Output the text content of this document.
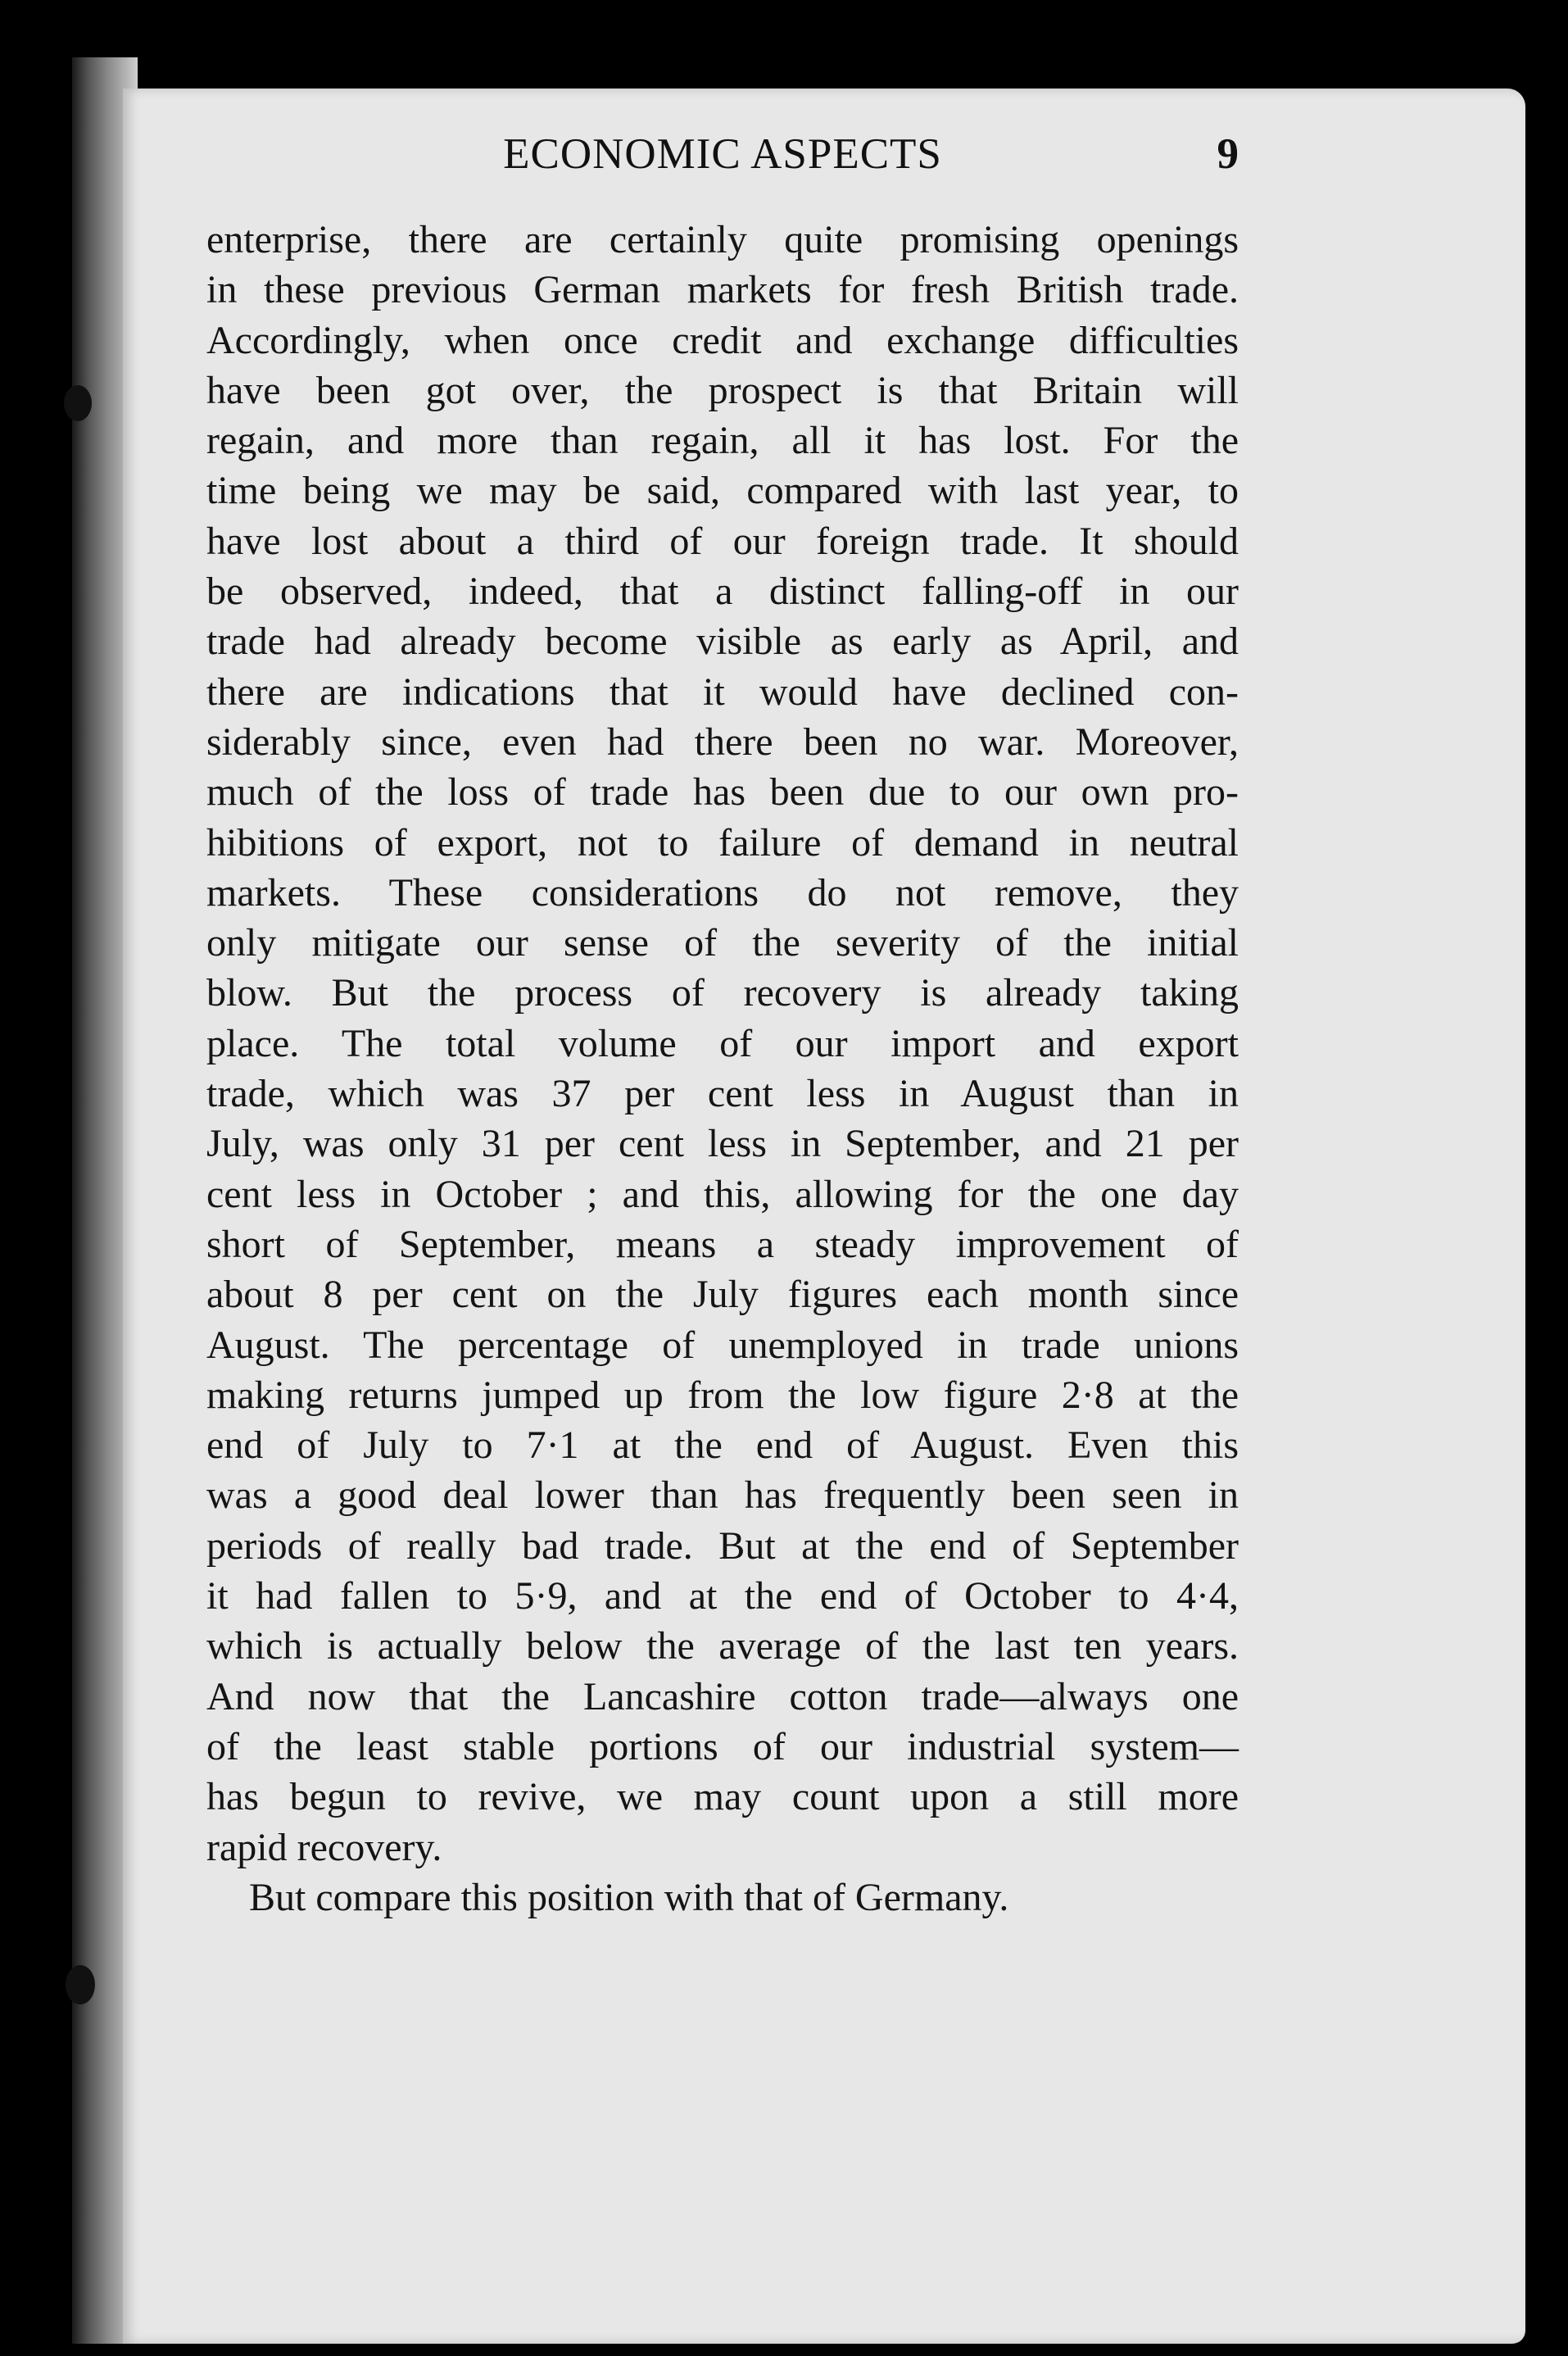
ECONOMIC ASPECTS	9

enterprise, there are certainly quite promising openings
in these previous German markets for fresh British trade.
Accordingly, when once credit and exchange difficulties
have been got over, the prospect is that Britain will
regain, and more than regain, all it has lost. For the
time being we may be said, compared with last year, to
have lost about a third of our foreign trade. It should
be observed, indeed, that a distinct falling-off in our
trade had already become visible as early as April, and
there are indications that it would have declined con-
siderably since, even had there been no war. Moreover,
much of the loss of trade has been due to our own pro-
hibitions of export, not to failure of demand in neutral
markets. These considerations do not remove, they
only mitigate our sense of the severity of the initial
blow. But the process of recovery is already taking
place. The total volume of our import and export
trade, which was 37 per cent less in August than in
July, was only 31 per cent less in September, and 21 per
cent less in October ; and this, allowing for the one day
short of September, means a steady improvement of
about 8 per cent on the July figures each month since
August. The percentage of unemployed in trade unions
making returns jumped up from the low figure 2·8 at the
end of July to 7·1 at the end of August. Even this
was a good deal lower than has frequently been seen in
periods of really bad trade. But at the end of September
it had fallen to 5·9, and at the end of October to 4·4,
which is actually below the average of the last ten years.
And now that the Lancashire cotton trade—always one
of the least stable portions of our industrial system—
has begun to revive, we may count upon a still more
rapid recovery.

But compare this position with that of Germany.
